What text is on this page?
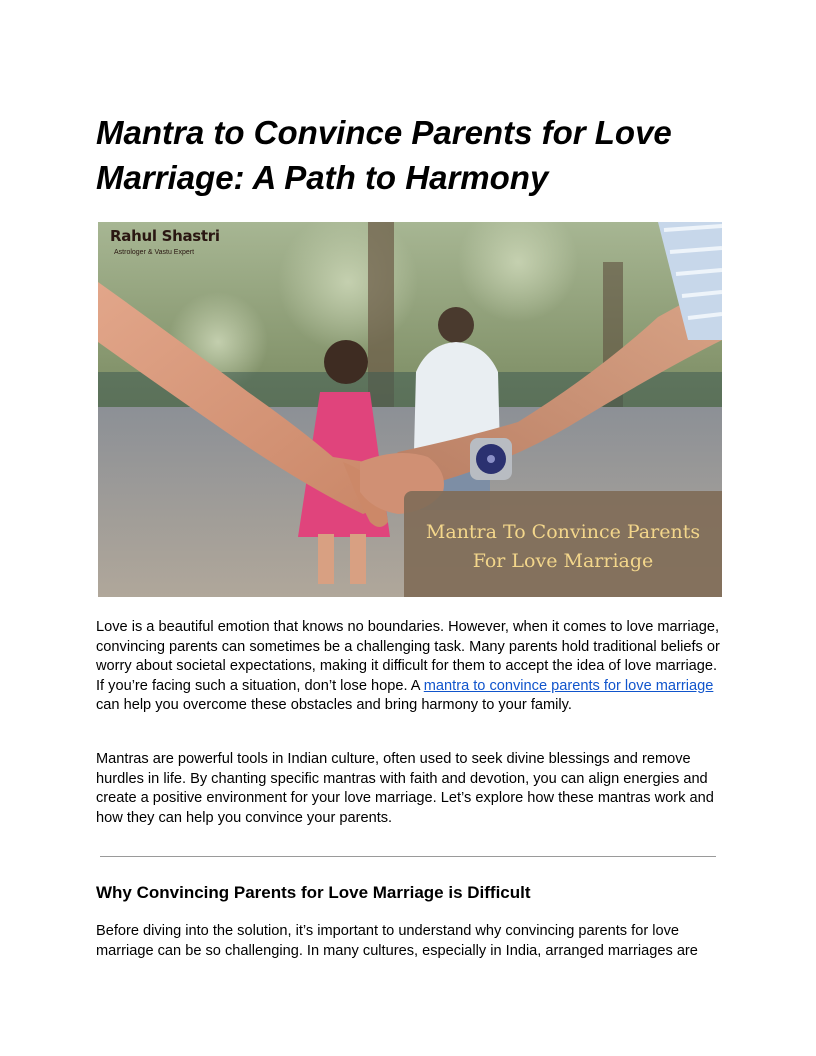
Mantra to Convince Parents for Love Marriage: A Path to Harmony
Rahul Shastri
Astrologer & Vastu Expert
Mantra To Convince Parents
For Love Marriage

Love is a beautiful emotion that knows no boundaries. However, when it comes to love marriage, convincing parents can sometimes be a challenging task. Many parents hold traditional beliefs or worry about societal expectations, making it difficult for them to accept the idea of love marriage. If you’re facing such a situation, don’t lose hope. A mantra to convince parents for love marriage can help you overcome these obstacles and bring harmony to your family.

Mantras are powerful tools in Indian culture, often used to seek divine blessings and remove hurdles in life. By chanting specific mantras with faith and devotion, you can align energies and create a positive environment for your love marriage. Let’s explore how these mantras work and how they can help you convince your parents.

Why Convincing Parents for Love Marriage is Difficult

Before diving into the solution, it’s important to understand why convincing parents for love marriage can be so challenging. In many cultures, especially in India, arranged marriages are
